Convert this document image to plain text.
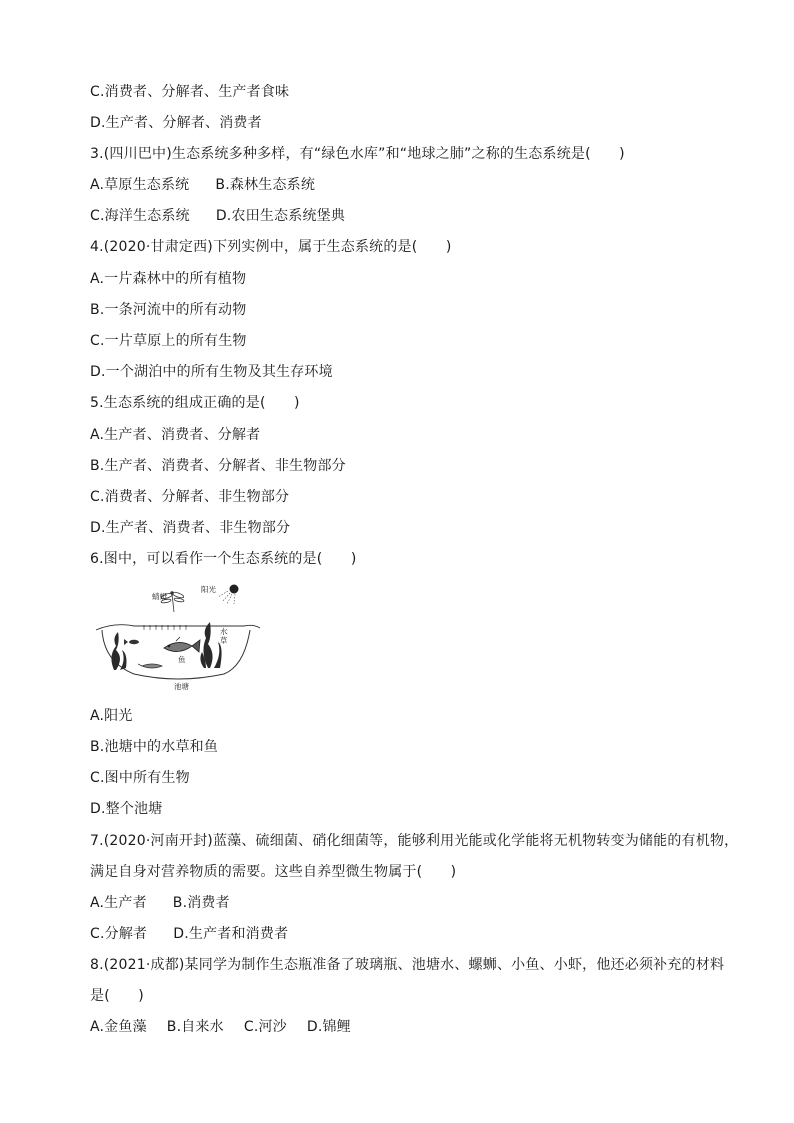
C.消费者、分解者、生产者食味
D.生产者、分解者、消费者
3.(四川巴中)生态系统多种多样，有“绿色水库”和“地球之肺”之称的生态系统是(　　)
A.草原生态系统 B.森林生态系统
C.海洋生态系统 D.农田生态系统堡典
4.(2020·甘肃定西)下列实例中，属于生态系统的是(　　)
A.一片森林中的所有植物
B.一条河流中的所有动物
C.一片草原上的所有生物
D.一个湖泊中的所有生物及其生存环境
5.生态系统的组成正确的是(　　)
A.生产者、消费者、分解者
B.生产者、消费者、分解者、非生物部分
C.消费者、分解者、非生物部分
D.生产者、消费者、非生物部分
6.图中，可以看作一个生态系统的是(　　)
蜻蜓
阳光
鱼
水
草
池塘
A.阳光
B.池塘中的水草和鱼
C.图中所有生物
D.整个池塘
7.(2020·河南开封)蓝藻、硫细菌、硝化细菌等，能够利用光能或化学能将无机物转变为储能的有机物，
满足自身对营养物质的需要。这些自养型微生物属于(　　)
A.生产者 B.消费者
C.分解者 D.生产者和消费者
8.(2021·成都)某同学为制作生态瓶准备了玻璃瓶、池塘水、螺蛳、小鱼、小虾，他还必须补充的材料
是(　　)
A.金鱼藻 B.自来水 C.河沙 D.锦鲤
